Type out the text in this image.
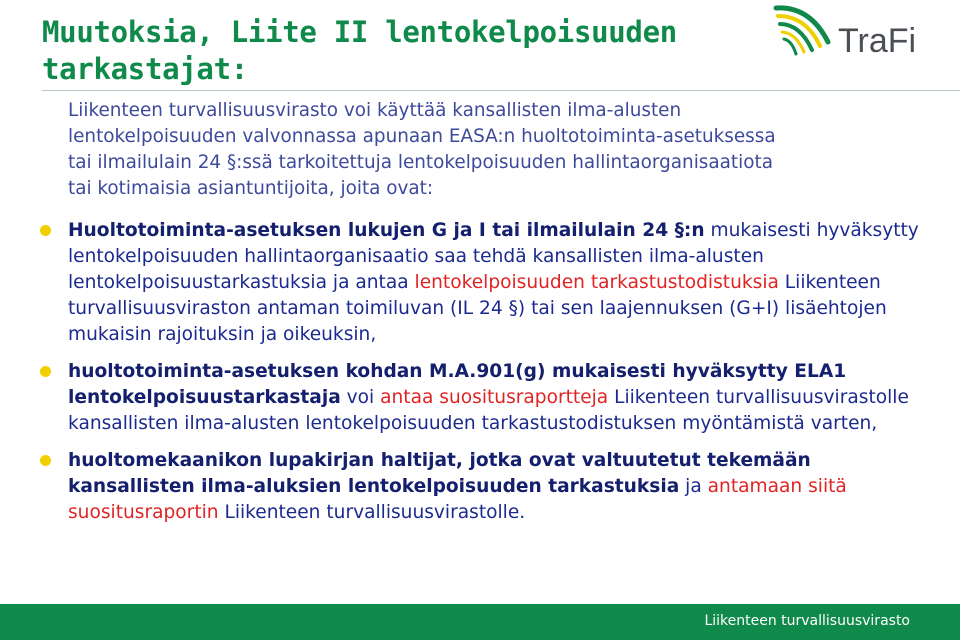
Muutoksia, Liite II lentokelpoisuuden
tarkastajat:
TraFi
Liikenteen turvallisuusvirasto voi käyttää kansallisten ilma-alusten
lentokelpoisuuden valvonnassa apunaan EASA:n huoltotoiminta-asetuksessa
tai ilmailulain 24 §:ssä tarkoitettuja lentokelpoisuuden hallintaorganisaatiota
tai kotimaisia asiantuntijoita, joita ovat:
Huoltotoiminta-asetuksen lukujen G ja I tai ilmailulain 24 §:n mukaisesti hyväksytty lentokelpoisuuden hallintaorganisaatio saa tehdä kansallisten ilma-alusten lentokelpoisuustarkastuksia ja antaa lentokelpoisuuden tarkastustodistuksia Liikenteen turvallisuusviraston antaman toimiluvan (IL 24 §) tai sen laajennuksen (G+I) lisäehtojen mukaisin rajoituksin ja oikeuksin,
huoltotoiminta-asetuksen kohdan M.A.901(g) mukaisesti hyväksytty ELA1 lentokelpoisuustarkastaja voi antaa suositusraportteja Liikenteen turvallisuusvirastolle kansallisten ilma-alusten lentokelpoisuuden tarkastustodistuksen myöntämistä varten,
huoltomekaanikon lupakirjan haltijat, jotka ovat valtuutetut tekemään kansallisten ilma-aluksien lentokelpoisuuden tarkastuksia ja antamaan siitä suositusraportin Liikenteen turvallisuusvirastolle.
Liikenteen turvallisuusvirasto
